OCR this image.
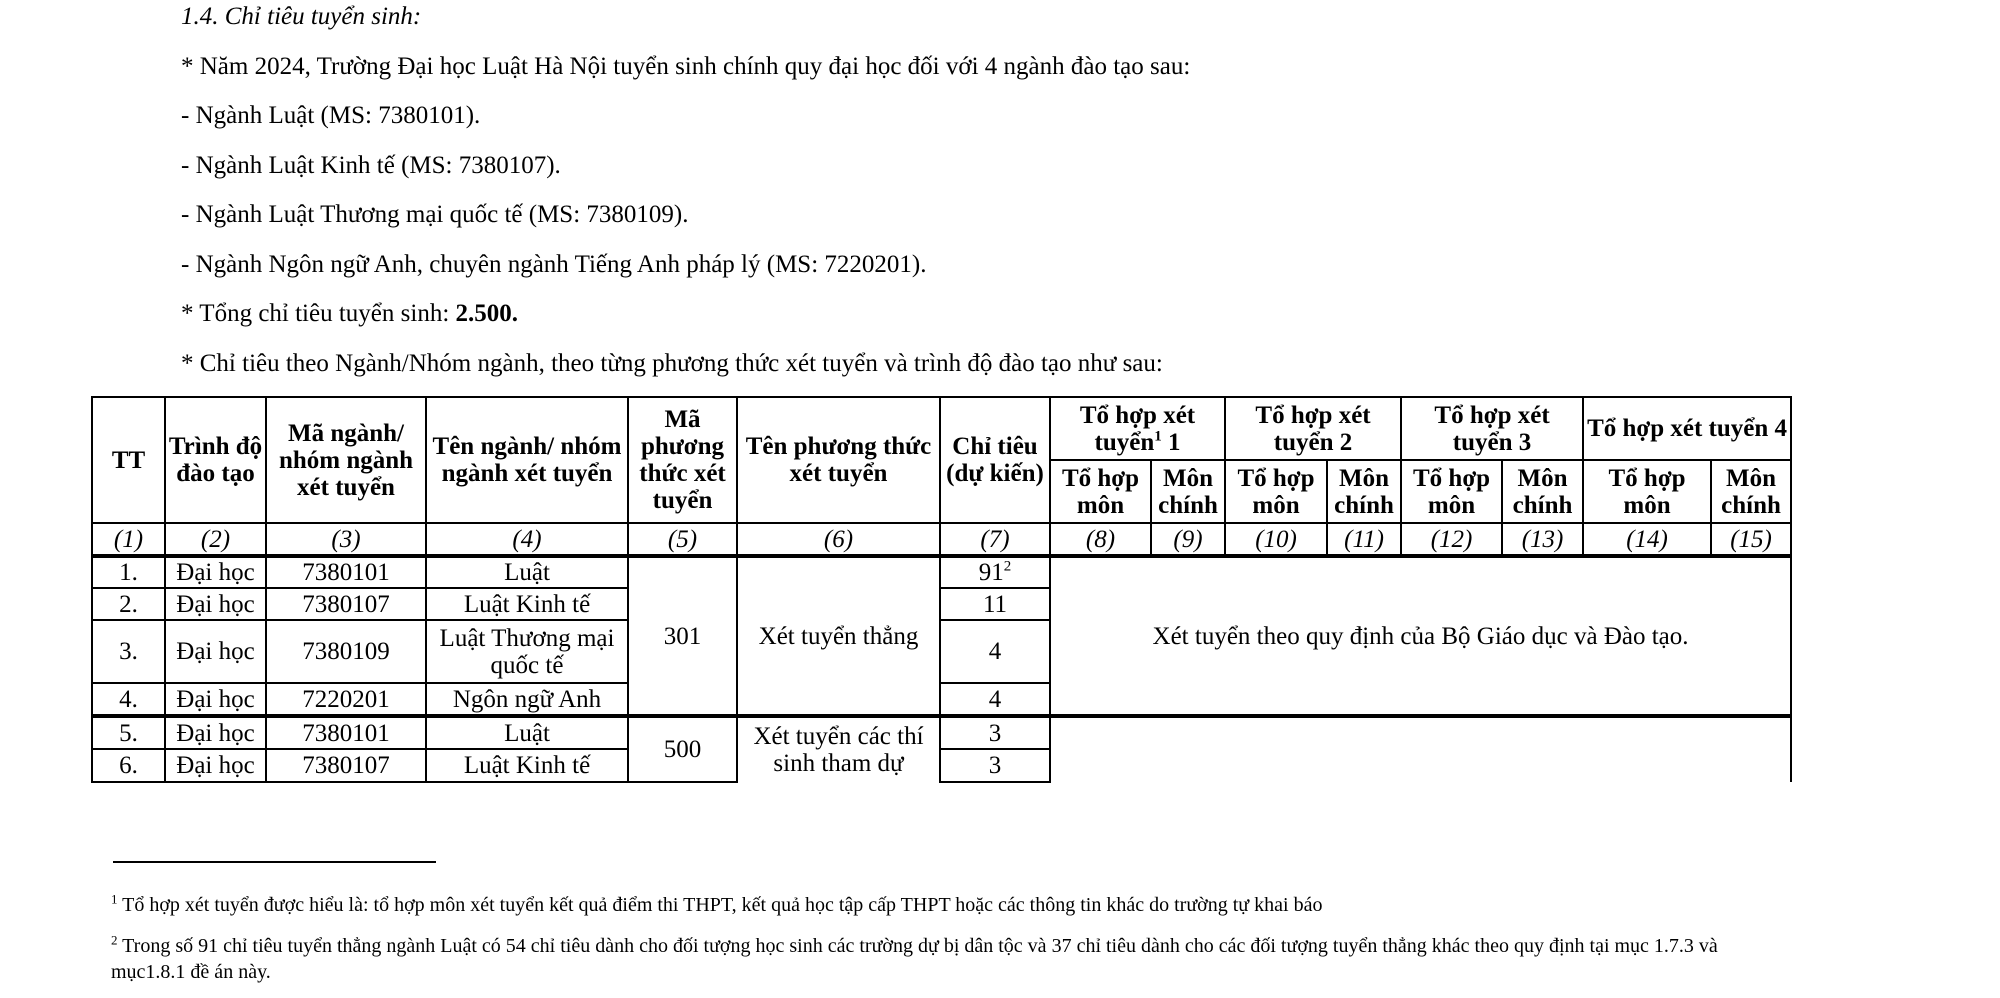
1.4. Chỉ tiêu tuyển sinh:
* Năm 2024, Trường Đại học Luật Hà Nội tuyển sinh chính quy đại học đối với 4 ngành đào tạo sau:
- Ngành Luật (MS: 7380101).
- Ngành Luật Kinh tế (MS: 7380107).
- Ngành Luật Thương mại quốc tế (MS: 7380109).
- Ngành Ngôn ngữ Anh, chuyên ngành Tiếng Anh pháp lý (MS: 7220201).
* Tổng chỉ tiêu tuyển sinh: 2.500.
* Chỉ tiêu theo Ngành/Nhóm ngành, theo từng phương thức xét tuyển và trình độ đào tạo như sau:
TT	Trình độ đào tạo	Mã ngành/ nhóm ngành xét tuyển	Tên ngành/ nhóm ngành xét tuyển	Mã phương thức xét tuyển	Tên phương thức xét tuyển	Chỉ tiêu (dự kiến)	Tổ hợp xét tuyển$^1$ 1		Tổ hợp xét tuyển 2		Tổ hợp xét tuyển 3		Tổ hợp xét tuyển 4	
							Tổ hợp môn	Môn chính	Tổ hợp môn	Môn chính	Tổ hợp môn	Môn chính	Tổ hợp môn	Môn chính
(1)	(2)	(3)	(4)	(5)	(6)	(7)	(8)	(9)	(10)	(11)	(12)	(13)	(14)	(15)
1.	Đại học	7380101	Luật	301	Xét tuyển thẳng	$91^2$	Xét tuyển theo quy định của Bộ Giáo dục và Đào tạo.							
2.	Đại học	7380107	Luật Kinh tế			11								
3.	Đại học	7380109	Luật Thương mại quốc tế			4								
4.	Đại học	7220201	Ngôn ngữ Anh			4								
5.	Đại học	7380101	Luật	500	Xét tuyển các thí sinh tham dự	3								
6.	Đại học	7380107	Luật Kinh tế			3								
$^1$ Tổ hợp xét tuyển được hiểu là: tổ hợp môn xét tuyển kết quả điểm thi THPT, kết quả học tập cấp THPT hoặc các thông tin khác do trường tự khai báo
$^2$ Trong số 91 chỉ tiêu tuyển thẳng ngành Luật có 54 chỉ tiêu dành cho đối tượng học sinh các trường dự bị dân tộc và 37 chỉ tiêu dành cho các đối tượng tuyển thẳng khác theo quy định tại mục 1.7.3 và mục1.8.1 đề án này.
